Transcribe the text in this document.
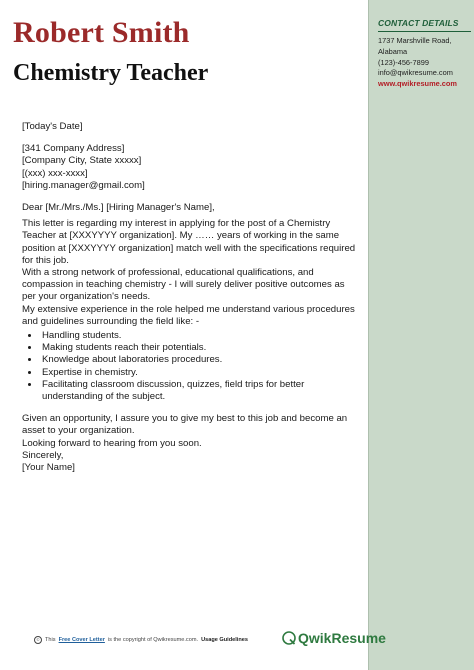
CONTACT DETAILS
1737 Marshville Road,
Alabama
(123)-456-7899
info@qwikresume.com
www.qwikresume.com
Robert Smith
Chemistry Teacher

[Today's Date]

[341 Company Address]

[Company City, State xxxxx]

[(xxx) xxx-xxxx]

[hiring.manager@gmail.com]

Dear [Mr./Mrs./Ms.] [Hiring Manager's Name],

This letter is regarding my interest in applying for the post of a Chemistry Teacher at [XXXYYYY organization]. My …… years of working in the same position at [XXXYYYY organization] match well with the specifications required for this job.

With a strong network of professional, educational qualifications, and compassion in teaching chemistry - I will surely deliver positive outcomes as per your organization's needs.

My extensive experience in the role helped me understand various procedures and guidelines surrounding the field like: -

• Handling students.
• Making students reach their potentials.
• Knowledge about laboratories procedures.
• Expertise in chemistry.
• Facilitating classroom discussion, quizzes, field trips for better understanding of the subject.

Given an opportunity, I assure you to give my best to this job and become an asset to your organization.

Looking forward to hearing from you soon.

Sincerely,

[Your Name]

© This Free Cover Letter is the copyright of Qwikresume.com. Usage Guidelines	QwikResume
